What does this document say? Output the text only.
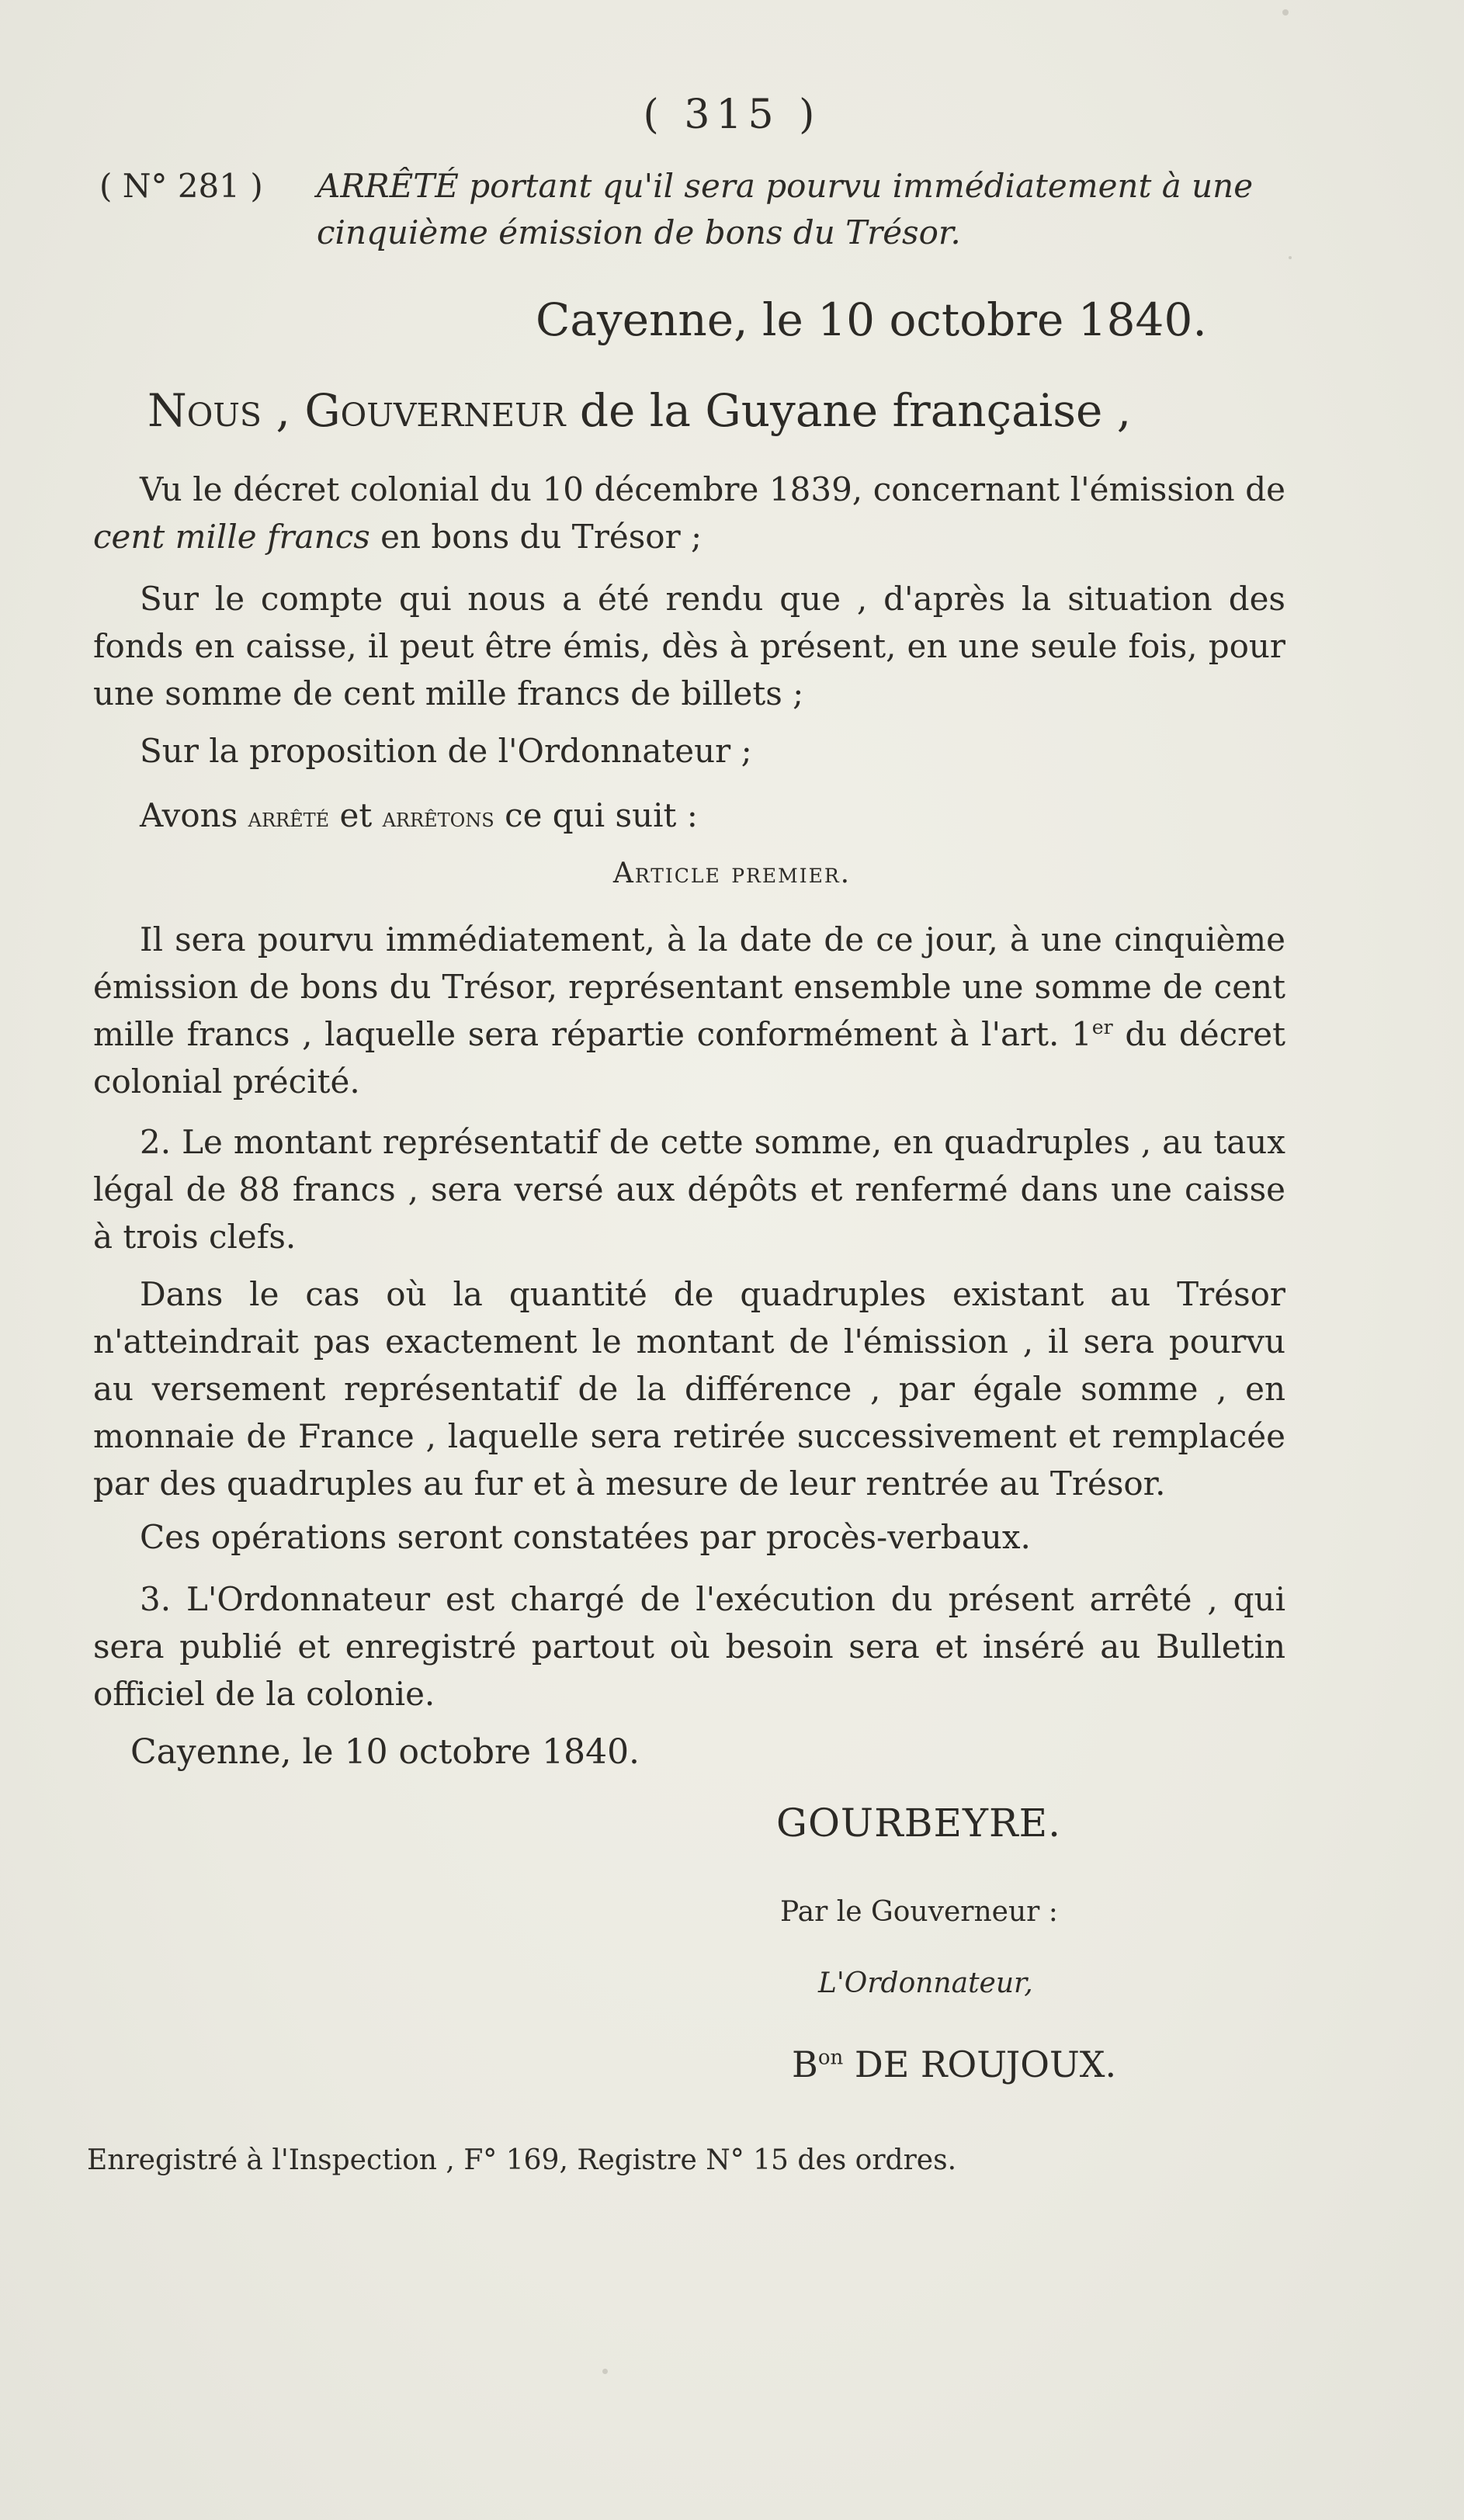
( 315 )
( N° 281 ) ARRÊTÉ portant qu'il sera pourvu immédiatement à une cinquième émission de bons du Trésor.
Cayenne, le 10 octobre 1840.
Nous , Gouverneur de la Guyane française ,
Vu le décret colonial du 10 décembre 1839, concernant l'émission de cent mille francs en bons du Trésor ;
Sur le compte qui nous a été rendu que , d'après la situation des fonds en caisse, il peut être émis, dès à présent, en une seule fois, pour une somme de cent mille francs de billets ;
Sur la proposition de l'Ordonnateur ;
Avons arrêté et arrêtons ce qui suit :
Article premier.
Il sera pourvu immédiatement, à la date de ce jour, à une cinquième émission de bons du Trésor, représentant ensemble une somme de cent mille francs , laquelle sera répartie conformément à l'art. 1er du décret colonial précité.
2. Le montant représentatif de cette somme, en quadruples , au taux légal de 88 francs , sera versé aux dépôts et renfermé dans une caisse à trois clefs.
Dans le cas où la quantité de quadruples existant au Trésor n'atteindrait pas exactement le montant de l'émission , il sera pourvu au versement représentatif de la différence , par égale somme , en monnaie de France , laquelle sera retirée successivement et remplacée par des quadruples au fur et à mesure de leur rentrée au Trésor.
Ces opérations seront constatées par procès-verbaux.
3. L'Ordonnateur est chargé de l'exécution du présent arrêté , qui sera publié et enregistré partout où besoin sera et inséré au Bulletin officiel de la colonie.
Cayenne, le 10 octobre 1840.
GOURBEYRE.
Par le Gouverneur :
L'Ordonnateur,
$B^{on}$ DE ROUJOUX.
Enregistré à l'Inspection , F° 169, Registre N° 15 des ordres.
